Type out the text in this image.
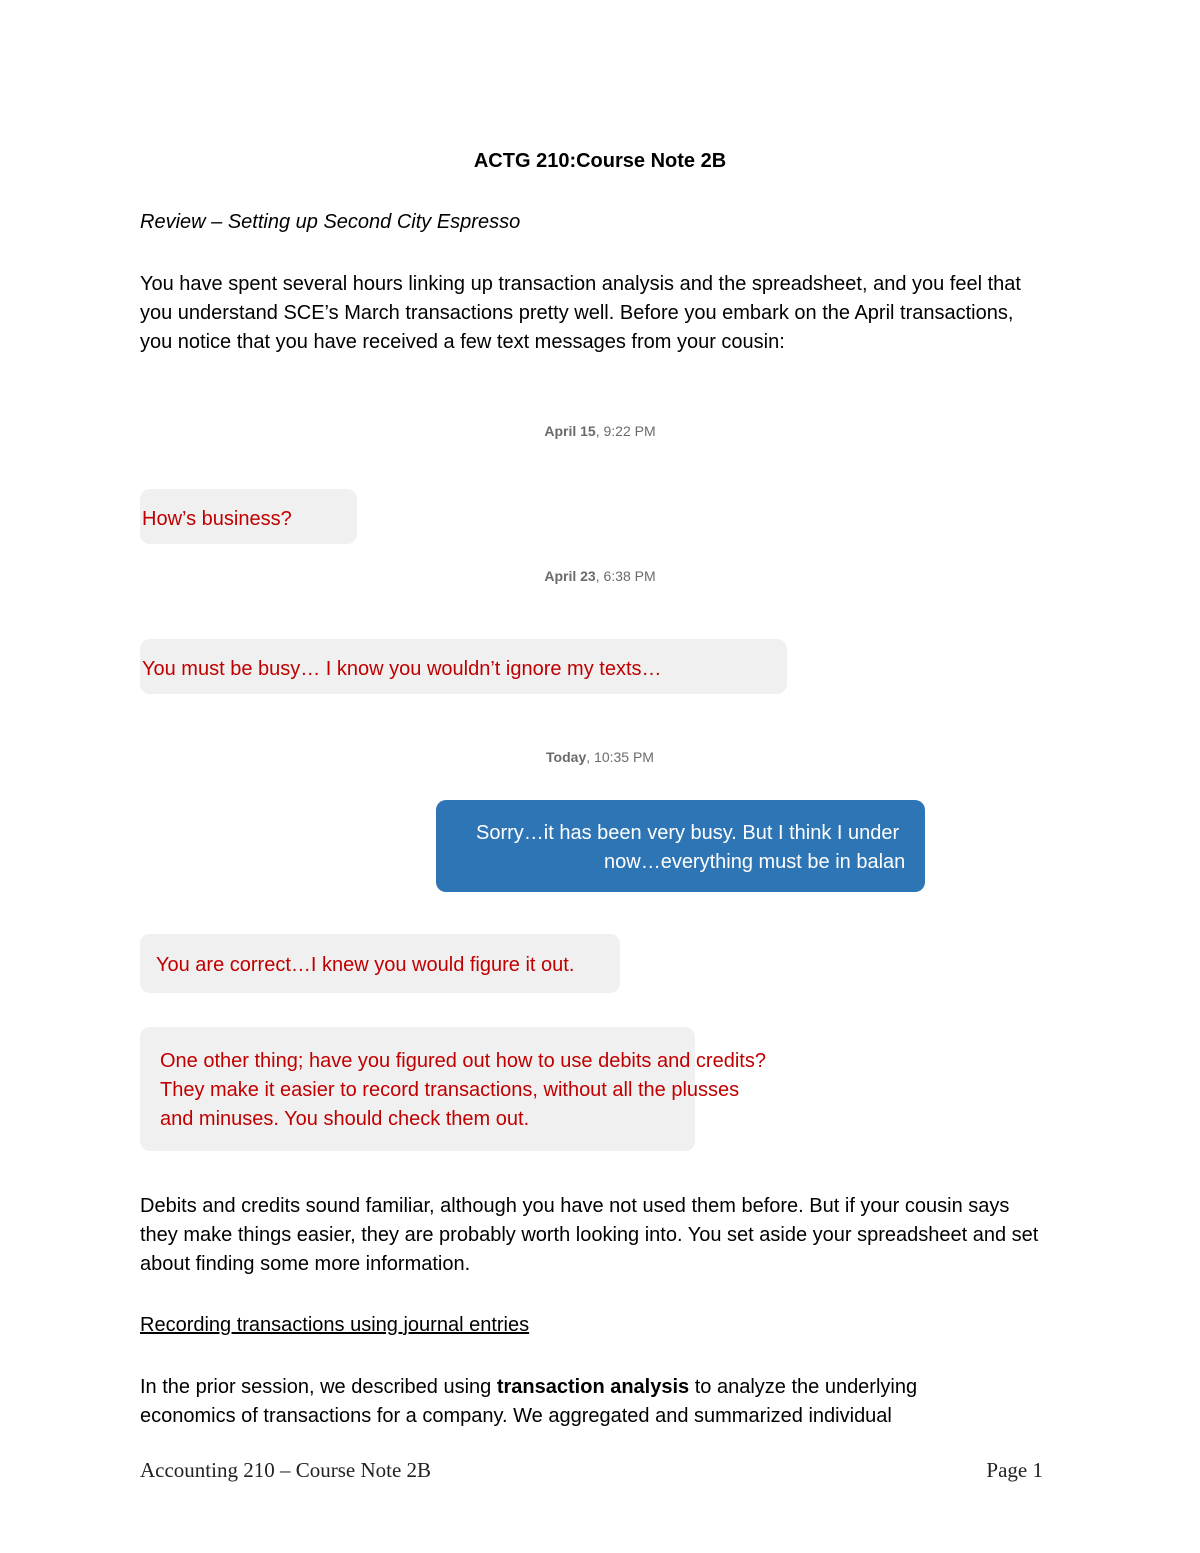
ACTG 210:Course Note 2B
Review – Setting up Second City Espresso
You have spent several hours linking up transaction analysis and the spreadsheet, and you feel that you understand SCE’s March transactions pretty well. Before you embark on the April transactions, you notice that you have received a few text messages from your cousin:
April 15, 9:22 PM
How’s business?
April 23, 6:38 PM
You must be busy… I know you wouldn’t ignore my texts…
Today, 10:35 PM
Sorry…it has been very busy. But I think I under
now…everything must be in balan
You are correct…I knew you would figure it out.
One other thing; have you figured out how to use debits and credits? They make it easier to record transactions, without all the plusses and minuses. You should check them out.
Debits and credits sound familiar, although you have not used them before. But if your cousin says they make things easier, they are probably worth looking into. You set aside your spreadsheet and set about finding some more information.
Recording transactions using journal entries
In the prior session, we described using transaction analysis to analyze the underlying economics of transactions for a company. We aggregated and summarized individual
Accounting 210 – Course Note 2B	Page 1
